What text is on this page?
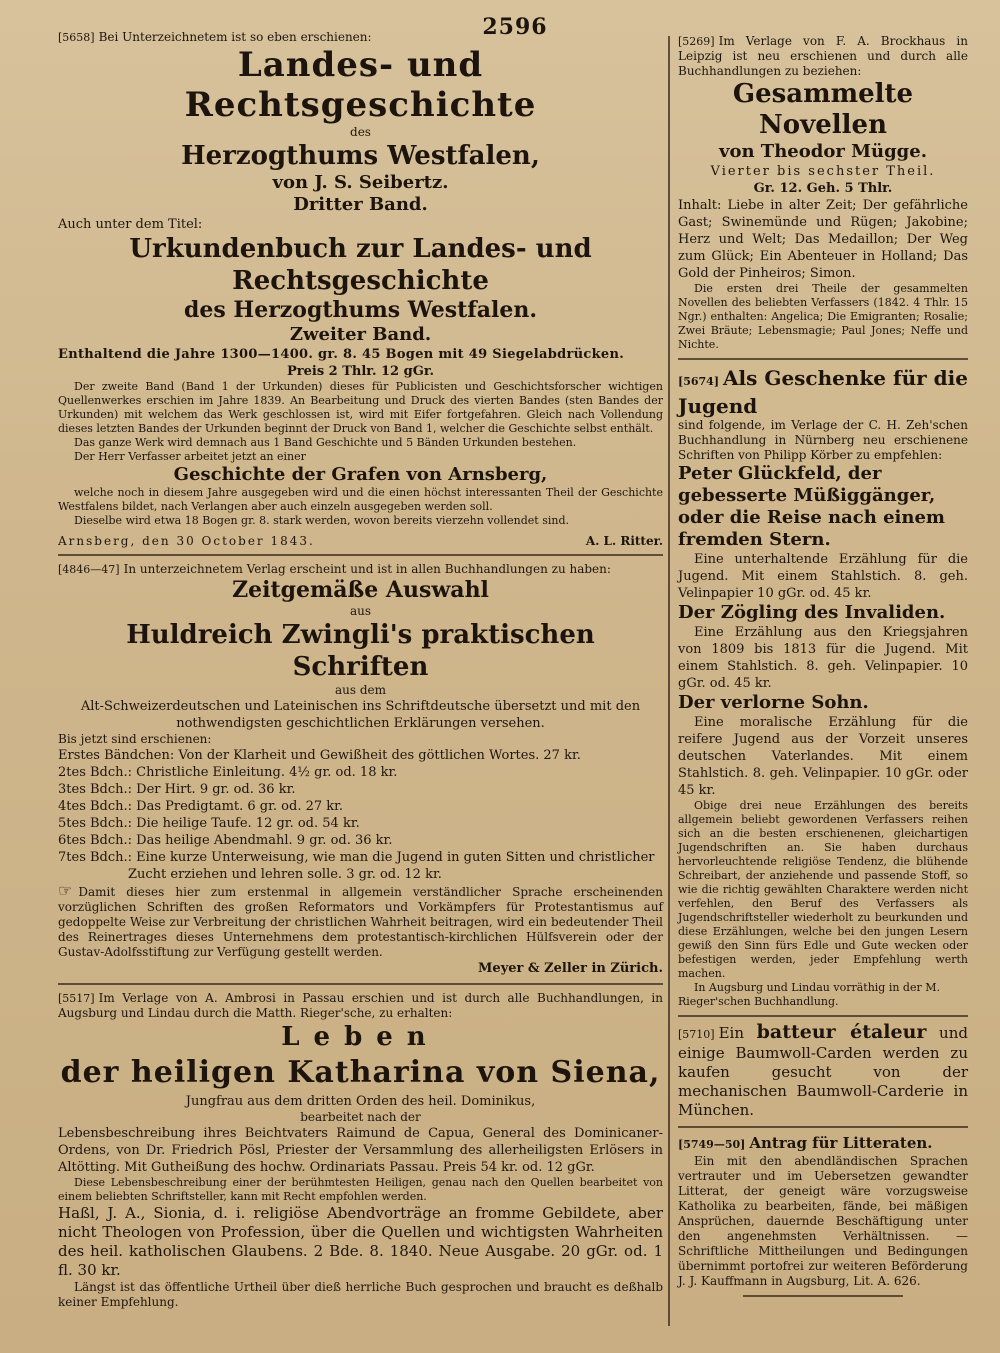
2596
[5658] Bei Unterzeichnetem ist so eben erschienen:
Landes- und Rechtsgeschichte
des
Herzogthums Westfalen,
von J. S. Seibertz.
Dritter Band.
Auch unter dem Titel:
Urkundenbuch zur Landes- und Rechtsgeschichte
des Herzogthums Westfalen.
Zweiter Band.
Enthaltend die Jahre 1300—1400. gr. 8. 45 Bogen mit 49 Siegelabdrücken.
Preis 2 Thlr. 12 gGr.
Der zweite Band (Band 1 der Urkunden) dieses für Publicisten und Geschichtsforscher wichtigen Quellenwerkes erschien im Jahre 1839. An Bearbeitung und Druck des vierten Bandes (sten Bandes der Urkunden) mit welchem das Werk geschlossen ist, wird mit Eifer fortgefahren. Gleich nach Vollendung dieses letzten Bandes der Urkunden beginnt der Druck von Band 1, welcher die Geschichte selbst enthält.
Das ganze Werk wird demnach aus 1 Band Geschichte und 5 Bänden Urkunden bestehen.
Der Herr Verfasser arbeitet jetzt an einer
Geschichte der Grafen von Arnsberg,
welche noch in diesem Jahre ausgegeben wird und die einen höchst interessanten Theil der Geschichte Westfalens bildet, nach Verlangen aber auch einzeln ausgegeben werden soll.
Dieselbe wird etwa 18 Bogen gr. 8. stark werden, wovon bereits vierzehn vollendet sind.
Arnsberg, den 30 October 1843.	A. L. Ritter.
[4846—47] In unterzeichnetem Verlag erscheint und ist in allen Buchhandlungen zu haben:
Zeitgemäße Auswahl
aus
Huldreich Zwingli's praktischen Schriften
aus dem
Alt-Schweizerdeutschen und Lateinischen ins Schriftdeutsche übersetzt und mit den nothwendigsten geschichtlichen Erklärungen versehen.
Bis jetzt sind erschienen:
Erstes Bändchen: Von der Klarheit und Gewißheit des göttlichen Wortes. 27 kr.
2tes Bdch.: Christliche Einleitung. 4½ gr. od. 18 kr.
3tes Bdch.: Der Hirt. 9 gr. od. 36 kr.
4tes Bdch.: Das Predigtamt. 6 gr. od. 27 kr.
5tes Bdch.: Die heilige Taufe. 12 gr. od. 54 kr.
6tes Bdch.: Das heilige Abendmahl. 9 gr. od. 36 kr.
7tes Bdch.: Eine kurze Unterweisung, wie man die Jugend in guten Sitten und christlicher Zucht erziehen und lehren solle. 3 gr. od. 12 kr.
☞ Damit dieses hier zum erstenmal in allgemein verständlicher Sprache erscheinenden vorzüglichen Schriften des großen Reformators und Vorkämpfers für Protestantismus auf gedoppelte Weise zur Verbreitung der christlichen Wahrheit beitragen, wird ein bedeutender Theil des Reinertrages dieses Unternehmens dem protestantisch-kirchlichen Hülfsverein oder der Gustav-Adolfsstiftung zur Verfügung gestellt werden.
Meyer & Zeller in Zürich.
[5517] Im Verlage von A. Ambrosi in Passau erschien und ist durch alle Buchhandlungen, in Augsburg und Lindau durch die Matth. Rieger'sche, zu erhalten:
Leben
der heiligen Katharina von Siena,
Jungfrau aus dem dritten Orden des heil. Dominikus,
bearbeitet nach der
Lebensbeschreibung ihres Beichtvaters Raimund de Capua, General des Dominicaner-Ordens, von Dr. Friedrich Pösl, Priester der Versammlung des allerheiligsten Erlösers in Altötting. Mit Gutheißung des hochw. Ordinariats Passau. Preis 54 kr. od. 12 gGr.
Diese Lebensbeschreibung einer der berühmtesten Heiligen, genau nach den Quellen bearbeitet von einem beliebten Schriftsteller, kann mit Recht empfohlen werden.
Haßl, J. A., Sionia, d. i. religiöse Abendvorträge an fromme Gebildete, aber nicht Theologen von Profession, über die Quellen und wichtigsten Wahrheiten des heil. katholischen Glaubens. 2 Bde. 8. 1840. Neue Ausgabe. 20 gGr. od. 1 fl. 30 kr.
Längst ist das öffentliche Urtheil über dieß herrliche Buch gesprochen und braucht es deßhalb keiner Empfehlung.
[5269] Im Verlage von F. A. Brockhaus in Leipzig ist neu erschienen und durch alle Buchhandlungen zu beziehen:
Gesammelte Novellen
von Theodor Mügge.
Vierter bis sechster Theil.
Gr. 12. Geh. 5 Thlr.
Inhalt: Liebe in alter Zeit; Der gefährliche Gast; Swinemünde und Rügen; Jakobine; Herz und Welt; Das Medaillon; Der Weg zum Glück; Ein Abenteuer in Holland; Das Gold der Pinheiros; Simon.
Die ersten drei Theile der gesammelten Novellen des beliebten Verfassers (1842. 4 Thlr. 15 Ngr.) enthalten: Angelica; Die Emigranten; Rosalie; Zwei Bräute; Lebensmagie; Paul Jones; Neffe und Nichte.
[5674] Als Geschenke für die Jugend
sind folgende, im Verlage der C. H. Zeh'schen Buchhandlung in Nürnberg neu erschienene Schriften von Philipp Körber zu empfehlen:
Peter Glückfeld, der gebesserte Müßiggänger, oder die Reise nach einem fremden Stern.
Eine unterhaltende Erzählung für die Jugend. Mit einem Stahlstich. 8. geh. Velinpapier 10 gGr. od. 45 kr.
Der Zögling des Invaliden.
Eine Erzählung aus den Kriegsjahren von 1809 bis 1813 für die Jugend. Mit einem Stahlstich. 8. geh. Velinpapier. 10 gGr. od. 45 kr.
Der verlorne Sohn.
Eine moralische Erzählung für die reifere Jugend aus der Vorzeit unseres deutschen Vaterlandes. Mit einem Stahlstich. 8. geh. Velinpapier. 10 gGr. oder 45 kr.
Obige drei neue Erzählungen des bereits allgemein beliebt gewordenen Verfassers reihen sich an die besten erschienenen, gleichartigen Jugendschriften an. Sie haben durchaus hervorleuchtende religiöse Tendenz, die blühende Schreibart, der anziehende und passende Stoff, so wie die richtig gewählten Charaktere werden nicht verfehlen, den Beruf des Verfassers als Jugendschriftsteller wiederholt zu beurkunden und diese Erzählungen, welche bei den jungen Lesern gewiß den Sinn fürs Edle und Gute wecken oder befestigen werden, jeder Empfehlung werth machen.
In Augsburg und Lindau vorräthig in der M. Rieger'schen Buchhandlung.
[5710] Ein batteur étaleur und einige Baumwoll-Carden werden zu kaufen gesucht von der mechanischen Baumwoll-Carderie in München.
[5749—50] Antrag für Litteraten.
Ein mit den abendländischen Sprachen vertrauter und im Uebersetzen gewandter Litterat, der geneigt wäre vorzugsweise Katholika zu bearbeiten, fände, bei mäßigen Ansprüchen, dauernde Beschäftigung unter den angenehmsten Verhältnissen. — Schriftliche Mittheilungen und Bedingungen übernimmt portofrei zur weiteren Beförderung J. J. Kauffmann in Augsburg, Lit. A. 626.
